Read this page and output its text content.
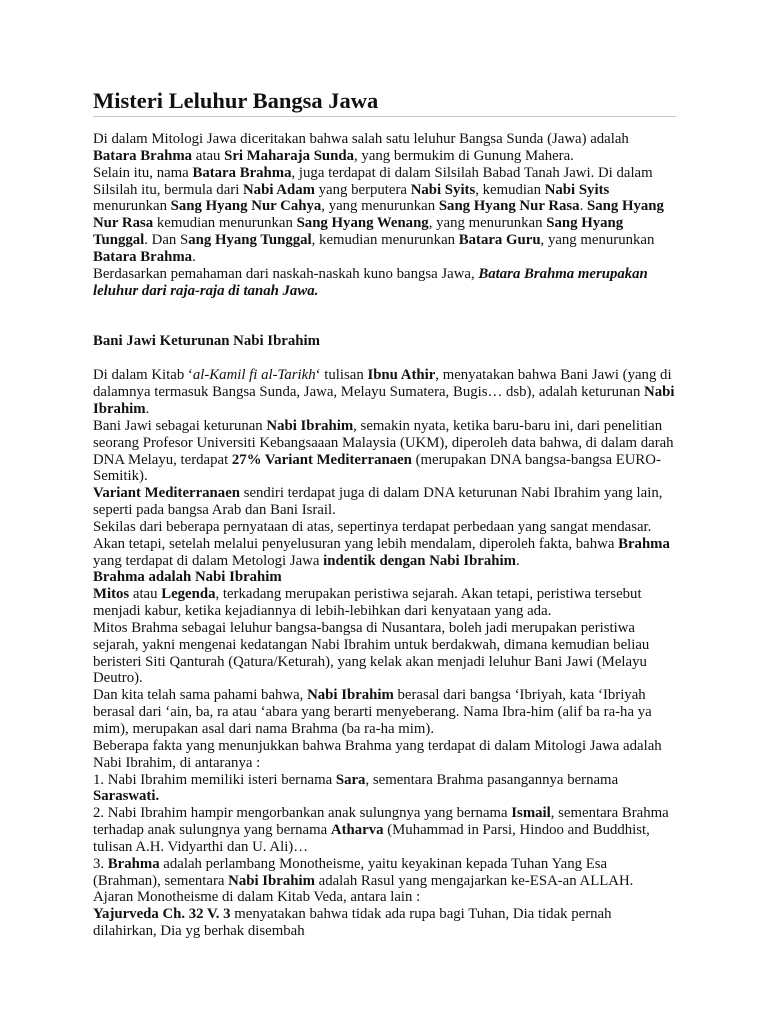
Misteri Leluhur Bangsa Jawa

Di dalam Mitologi Jawa diceritakan bahwa salah satu leluhur Bangsa Sunda (Jawa) adalah Batara Brahma atau Sri Maharaja Sunda, yang bermukim di Gunung Mahera.

Selain itu, nama Batara Brahma, juga terdapat di dalam Silsilah Babad Tanah Jawi. Di dalam Silsilah itu, bermula dari Nabi Adam yang berputera Nabi Syits, kemudian Nabi Syits menurunkan Sang Hyang Nur Cahya, yang menurunkan Sang Hyang Nur Rasa. Sang Hyang Nur Rasa kemudian menurunkan Sang Hyang Wenang, yang menurunkan Sang Hyang Tunggal. Dan Sang Hyang Tunggal, kemudian menurunkan Batara Guru, yang menurunkan Batara Brahma.

Berdasarkan pemahaman dari naskah-naskah kuno bangsa Jawa, Batara Brahma merupakan leluhur dari raja-raja di tanah Jawa.

Bani Jawi Keturunan Nabi Ibrahim

Di dalam Kitab ‘al-Kamil fi al-Tarikh‘ tulisan Ibnu Athir, menyatakan bahwa Bani Jawi (yang di dalamnya termasuk Bangsa Sunda, Jawa, Melayu Sumatera, Bugis… dsb), adalah keturunan Nabi Ibrahim.

Bani Jawi sebagai keturunan Nabi Ibrahim, semakin nyata, ketika baru-baru ini, dari penelitian seorang Profesor Universiti Kebangsaaan Malaysia (UKM), diperoleh data bahwa, di dalam darah DNA Melayu, terdapat 27% Variant Mediterranaen (merupakan DNA bangsa-bangsa EURO-Semitik).

Variant Mediterranaen sendiri terdapat juga di dalam DNA keturunan Nabi Ibrahim yang lain, seperti pada bangsa Arab dan Bani Israil.

Sekilas dari beberapa pernyataan di atas, sepertinya terdapat perbedaan yang sangat mendasar. Akan tetapi, setelah melalui penyelusuran yang lebih mendalam, diperoleh fakta, bahwa Brahma yang terdapat di dalam Metologi Jawa indentik dengan Nabi Ibrahim.

Brahma adalah Nabi Ibrahim

Mitos atau Legenda, terkadang merupakan peristiwa sejarah. Akan tetapi, peristiwa tersebut menjadi kabur, ketika kejadiannya di lebih-lebihkan dari kenyataan yang ada.

Mitos Brahma sebagai leluhur bangsa-bangsa di Nusantara, boleh jadi merupakan peristiwa sejarah, yakni mengenai kedatangan Nabi Ibrahim untuk berdakwah, dimana kemudian beliau beristeri Siti Qanturah (Qatura/Keturah), yang kelak akan menjadi leluhur Bani Jawi (Melayu Deutro).

Dan kita telah sama pahami bahwa, Nabi Ibrahim berasal dari bangsa ‘Ibriyah, kata ‘Ibriyah berasal dari ‘ain, ba, ra atau ‘abara yang berarti menyeberang. Nama Ibra-him (alif ba ra-ha ya mim), merupakan asal dari nama Brahma (ba ra-ha mim).

Beberapa fakta yang menunjukkan bahwa Brahma yang terdapat di dalam Mitologi Jawa adalah Nabi Ibrahim, di antaranya :

1. Nabi Ibrahim memiliki isteri bernama Sara, sementara Brahma pasangannya bernama Saraswati.

2. Nabi Ibrahim hampir mengorbankan anak sulungnya yang bernama Ismail, sementara Brahma terhadap anak sulungnya yang bernama Atharva (Muhammad in Parsi, Hindoo and Buddhist, tulisan A.H. Vidyarthi dan U. Ali)…

3. Brahma adalah perlambang Monotheisme, yaitu keyakinan kepada Tuhan Yang Esa (Brahman), sementara Nabi Ibrahim adalah Rasul yang mengajarkan ke-ESA-an ALLAH.

Ajaran Monotheisme di dalam Kitab Veda, antara lain :

Yajurveda Ch. 32 V. 3 menyatakan bahwa tidak ada rupa bagi Tuhan, Dia tidak pernah dilahirkan, Dia yg berhak disembah
